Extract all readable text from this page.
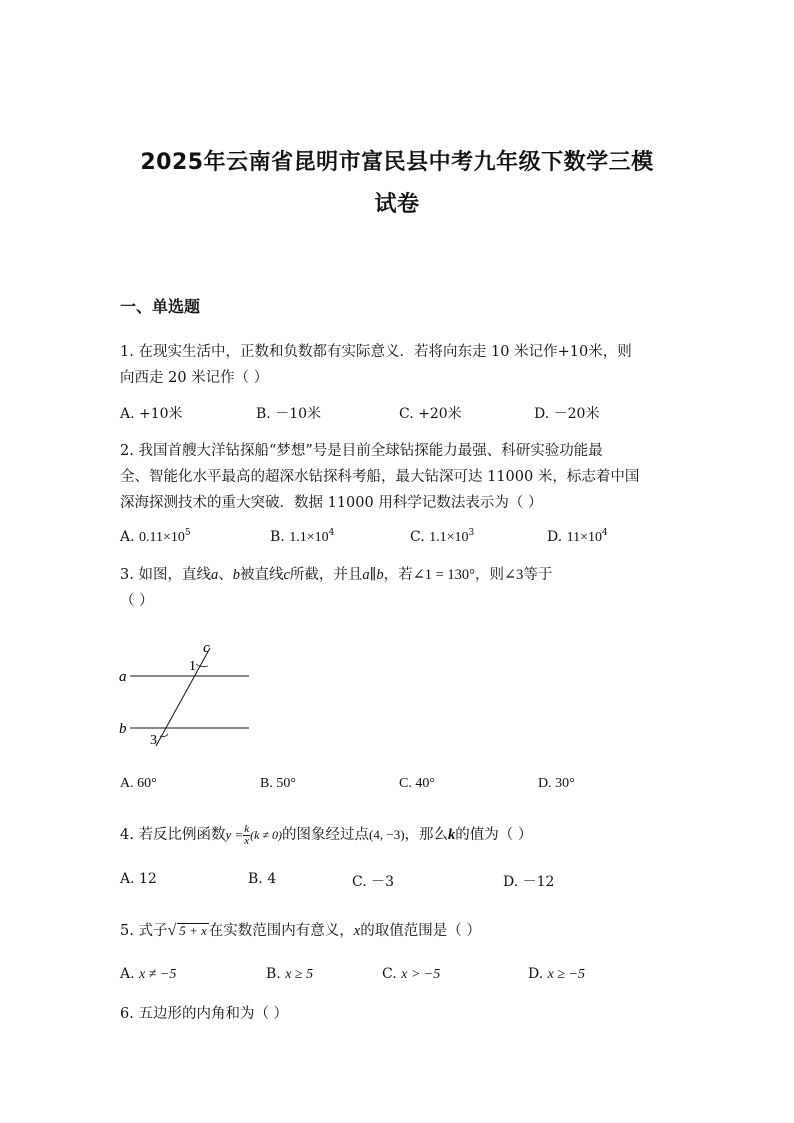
2025年云南省昆明市富民县中考九年级下数学三模
试卷
一、单选题
1. 在现实生活中，正数和负数都有实际意义．若将向东走 10 米记作+10米，则
向西走 20 米记作（ ）
A. +10米	B. －10米	C. +20米	D. －20米
2. 我国首艘大洋钻探船“梦想”号是目前全球钻探能力最强、科研实验功能最
全、智能化水平最高的超深水钻探科考船，最大钻深可达 11000 米，标志着中国
深海探测技术的重大突破．数据 11000 用科学记数法表示为（ ）
A. $0.11\times 10^5$	B. $1.1\times 10^4$	C. $1.1\times 10^3$	D. $11\times 10^4$
3. 如图，直线a、b被直线c所截，并且a∥b，若∠1 = 130°，则∠3等于
（ ）
a
b
c
1
3
A. 60°	B. 50°	C. 40°	D. 30°
4. 若反比例函数$y = \frac{k}{x} (k \ne 0)$的图象经过点(4, −3)，那么k的值为（ ）
A. 12	B. 4	C. －3	D. －12
5. 式子√ 5 + x 在实数范围内有意义，x的取值范围是（ ）
A. x ≠ −5	B. x ≥ 5	C. x > −5	D. x ≥ −5
6. 五边形的内角和为（ ）
